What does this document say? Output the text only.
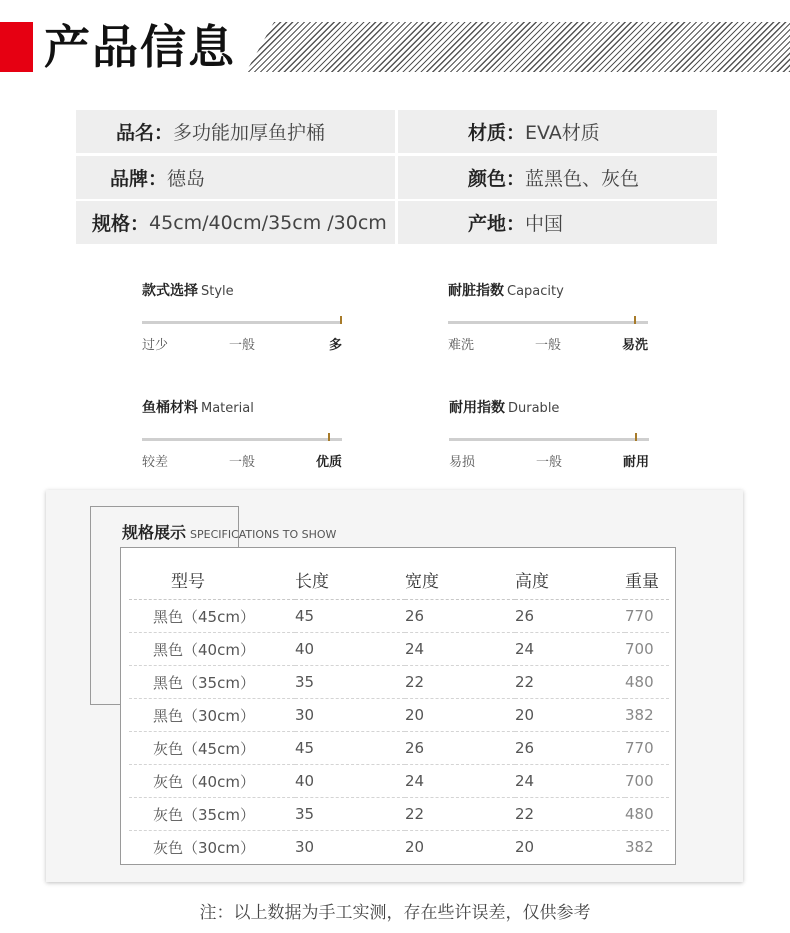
产品信息
品名： 多功能加厚鱼护桶	材质： EVA材质
品牌： 德岛	颜色： 蓝黑色、灰色
规格： 45cm/40cm/35cm /30cm	产地： 中国
款式选择 Style
过少	一般	多
耐脏指数 Capacity
难洗	一般	易洗
鱼桶材料 Material
较差	一般	优质
耐用指数 Durable
易损	一般	耐用
规格展示 SPECIFICATIONS TO SHOW
型号	长度	宽度	高度	重量
黑色（45cm）	45	26	26	770
黑色（40cm）	40	24	24	700
黑色（35cm）	35	22	22	480
黑色（30cm）	30	20	20	382
灰色（45cm）	45	26	26	770
灰色（40cm）	40	24	24	700
灰色（35cm）	35	22	22	480
灰色（30cm）	30	20	20	382
注：以上数据为手工实测，存在些许误差，仅供参考
